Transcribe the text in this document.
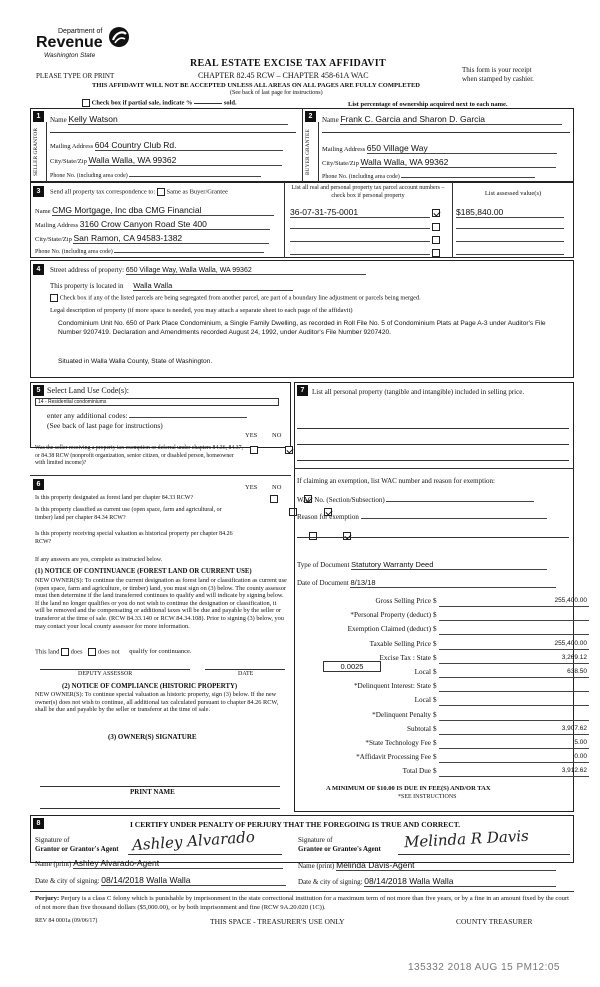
Department of
Revenue
Washington State
REAL ESTATE EXCISE TAX AFFIDAVIT
PLEASE TYPE OR PRINT	CHAPTER 82.45 RCW – CHAPTER 458-61A WAC
This form is your receipt
when stamped by cashier.
THIS AFFIDAVIT WILL NOT BE ACCEPTED UNLESS ALL AREAS ON ALL PAGES ARE FULLY COMPLETED
(See back of last page for instructions)
Check box if partial sale, indicate %	sold.	List percentage of ownership acquired next to each name.
1
SELLER GRANTOR
Name Kelly Watson
Mailing Address 604 Country Club Rd.
City/State/Zip Walla Walla, WA 99362
Phone No. (including area code)
2
BUYER GRANTEE
Name Frank C. Garcia and Sharon D. Garcia
Mailing Address 650 Village Way
City/State/Zip Walla Walla, WA 99362
Phone No. (including area code)
3	Send all property tax correspondence to: Same as Buyer/Grantee
Name CMG Mortgage, Inc dba CMG Financial
Mailing Address 3160 Crow Canyon Road Ste 400
City/State/Zip San Ramon, CA 94583-1382
Phone No. (including area code)
List all real and personal property tax parcel account numbers – check box if personal property	List assessed value(s)
36-07-31-75-0001	$185,840.00

4	Street address of property: 650 Village Way, Walla Walla, WA 99362
This property is located in Walla Walla
Check box if any of the listed parcels are being segregated from another parcel, are part of a boundary line adjustment or parcels being merged.
Legal description of property (if more space is needed, you may attach a separate sheet to each page of the affidavit)
Condominium Unit No. 650 of Park Place Condominium, a Single Family Dwelling, as recorded in Roll File No. 5 of Condominium Plats at Page A-3 under Auditor's File Number 9207419. Declaration and Amendments recorded August 24, 1992, under Auditor's File Number 9207420.
Situated in Walla Walla County, State of Washington.
5 Select Land Use Code(s):
14 - Residential condominiums
enter any additional codes:
(See back of last page for instructions)
YES NO
Was the seller receiving a property tax exemption or deferral under chapters 84.36, 84.37, or 84.38 RCW (nonprofit organization, senior citizen, or disabled person, homeowner with limited income)?

6	YES NO
Is this property designated as forest land per chapter 84.33 RCW?

Is this property classified as current use (open space, farm and agricultural, or timber) land per chapter 84.34 RCW?

Is this property receiving special valuation as historical property per chapter 84.26 RCW?

If any answers are yes, complete as instructed below.
(1) NOTICE OF CONTINUANCE (FOREST LAND OR CURRENT USE)
NEW OWNER(S): To continue the current designation as forest land or classification as current use (open space, farm and agriculture, or timber) land, you must sign on (3) below. The county assessor must then determine if the land transferred continues to qualify and will indicate by signing below. If the land no longer qualifies or you do not wish to continue the designation or classification, it will be removed and the compensating or additional taxes will be due and payable by the seller or transferor at the time of sale. (RCW 84.33.140 or RCW 84.34.108). Prior to signing (3) below, you may contact your local county assessor for more information.
This land does does not qualify for continuance.
DEPUTY ASSESSOR	DATE
(2) NOTICE OF COMPLIANCE (HISTORIC PROPERTY)
NEW OWNER(S): To continue special valuation as historic property, sign (3) below. If the new owner(s) does not wish to continue, all additional tax calculated pursuant to chapter 84.26 RCW, shall be due and payable by the seller or transferor at the time of sale.
(3) OWNER(S) SIGNATURE
PRINT NAME
7	List all personal property (tangible and intangible) included in selling price.
If claiming an exemption, list WAC number and reason for exemption:
WAC No. (Section/Subsection)
Reason for exemption
Type of Document Statutory Warranty Deed
Date of Document 8/13/18
Gross Selling Price $	255,400.00
*Personal Property (deduct) $
Exemption Claimed (deduct) $
Taxable Selling Price $	255,400.00
Excise Tax : State $	3,269.12
Local $	638.50
*Delinquent Interest: State $
Local $
*Delinquent Penalty $
Subtotal $	3,907.62
*State Technology Fee $	5.00
*Affidavit Processing Fee $	0.00
Total Due $	3,912.62
0.0025
A MINIMUM OF $10.00 IS DUE IN FEE(S) AND/OR TAX
*SEE INSTRUCTIONS
8	I CERTIFY UNDER PENALTY OF PERJURY THAT THE FOREGOING IS TRUE AND CORRECT.
Signature of
Grantor or Grantor's Agent Ashley Alvarado
Name (print) Ashley Alvarado-Agent
Date & city of signing: 08/14/2018 Walla Walla
Signature of
Grantee or Grantee's Agent Melinda R Davis
Name (print) Melinda Davis-Agent
Date & city of signing: 08/14/2018 Walla Walla
Perjury: Perjury is a class C felony which is punishable by imprisonment in the state correctional institution for a maximum term of not more than five years, or by a fine in an amount fixed by the court of not more than five thousand dollars ($5,000.00), or by both imprisonment and fine (RCW 9A.20.020 (1C)).
REV 84 0001a (09/06/17)	THIS SPACE - TREASURER'S USE ONLY	COUNTY TREASURER
135332 2018 AUG 15 PM12:05
